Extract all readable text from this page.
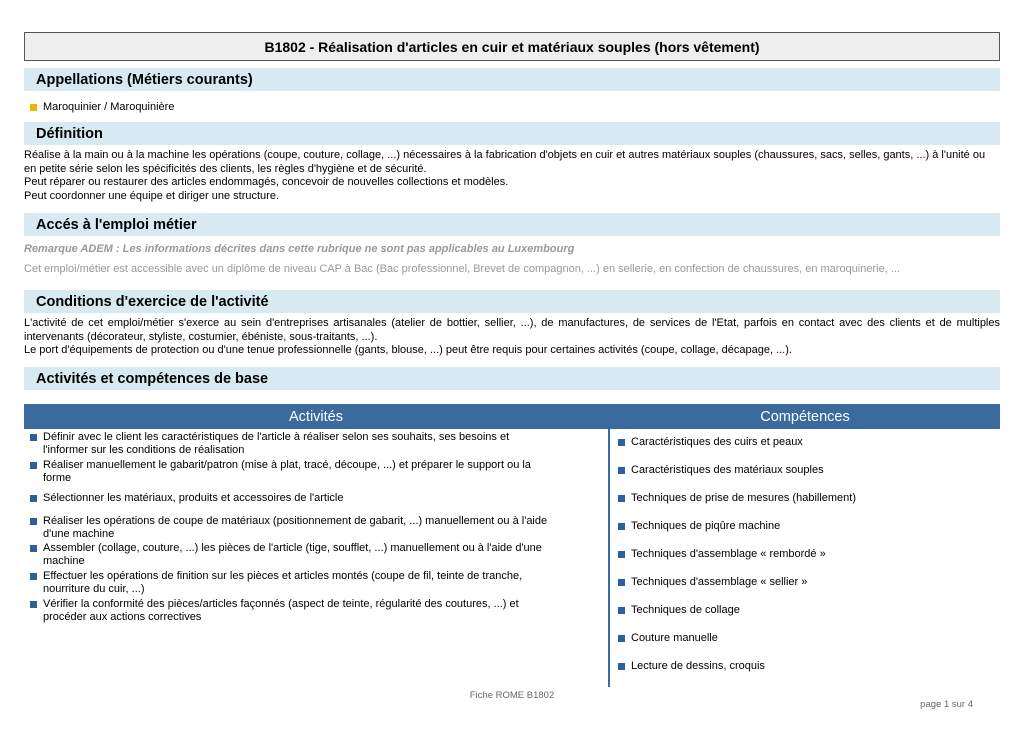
B1802 - Réalisation d'articles en cuir et matériaux souples (hors vêtement)
Appellations (Métiers courants)
Maroquinier / Maroquinière
Définition
Réalise à la main ou à la machine les opérations (coupe, couture, collage, ...) nécessaires à la fabrication d'objets en cuir et autres matériaux souples (chaussures, sacs, selles, gants, ...) à l'unité ou en petite série selon les spécificités des clients, les règles d'hygiène et de sécurité.
Peut réparer ou restaurer des articles endommagés, concevoir de nouvelles collections et modèles.
Peut coordonner une équipe et diriger une structure.
Accés à l'emploi métier
Remarque ADEM : Les informations décrites dans cette rubrique ne sont pas applicables au Luxembourg
Cet emploi/métier est accessible avec un diplôme de niveau CAP à Bac (Bac professionnel, Brevet de compagnon, ...) en sellerie, en confection de chaussures, en maroquinerie, ...
Conditions d'exercice de l'activité
L'activité de cet emploi/métier s'exerce au sein d'entreprises artisanales (atelier de bottier, sellier, ...), de manufactures, de services de l'Etat, parfois en contact avec des clients et de multiples intervenants (décorateur, styliste, costumier, ébéniste, sous-traitants, ...).
Le port d'équipements de protection ou d'une tenue professionnelle (gants, blouse, ...) peut être requis pour certaines activités (coupe, collage, décapage, ...).
Activités et compétences de base
Activités	Compétences
Définir avec le client les caractéristiques de l'article à réaliser selon ses souhaits, ses besoins et l'informer sur les conditions de réalisation
Réaliser manuellement le gabarit/patron (mise à plat, tracé, découpe, ...) et préparer le support ou la forme
Sélectionner les matériaux, produits et accessoires de l'article
Réaliser les opérations de coupe de matériaux (positionnement de gabarit, ...) manuellement ou à l'aide d'une machine
Assembler (collage, couture, ...) les pièces de l'article (tige, soufflet, ...) manuellement ou à l'aide d'une machine
Effectuer les opérations de finition sur les pièces et articles montés (coupe de fil, teinte de tranche, nourriture du cuir, ...)
Vérifier la conformité des pièces/articles façonnés (aspect de teinte, régularité des coutures, ...) et procéder aux actions correctives
Caractéristiques des cuirs et peaux
Caractéristiques des matériaux souples
Techniques de prise de mesures (habillement)
Techniques de piqûre machine
Techniques d'assemblage « rembordé »
Techniques d'assemblage « sellier »
Techniques de collage
Couture manuelle
Lecture de dessins, croquis
Fiche ROME B1802
page 1 sur 4
